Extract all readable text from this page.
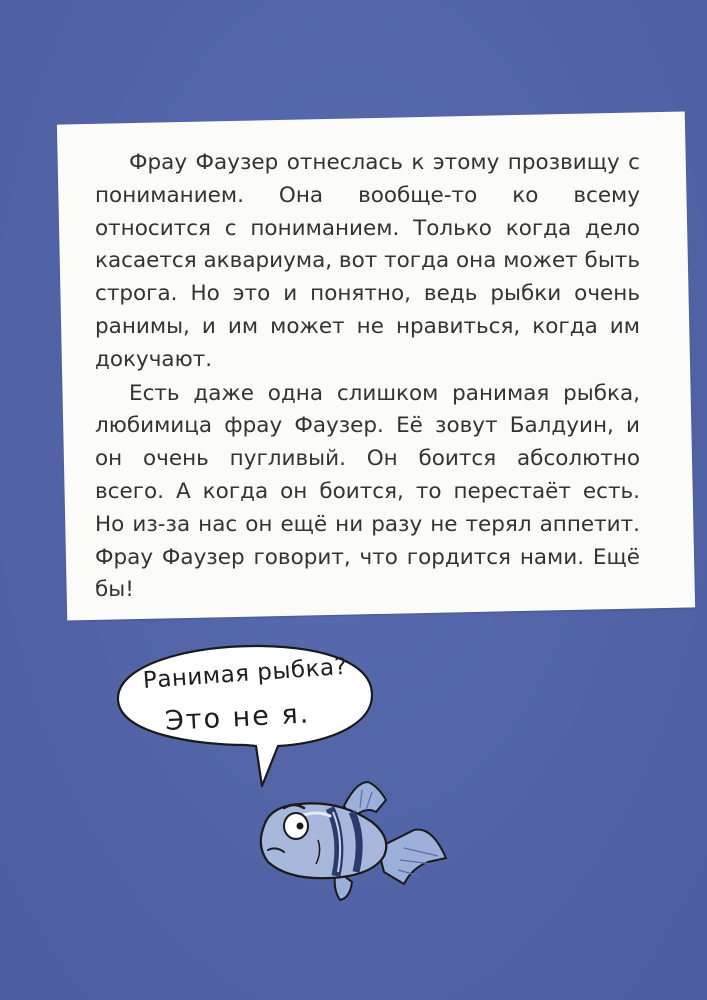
Фрау Фаузер отнеслась к этому прозвищу с пониманием. Она вообще-то ко всему относится с пониманием. Только когда дело касается аквариума, вот тогда она может быть строга. Но это и понятно, ведь рыбки очень ранимы, и им может не нравиться, когда им докучают.

Есть даже одна слишком ранимая рыбка, любимица фрау Фаузер. Её зовут Балдуин, и он очень пугливый. Он боится абсолютно всего. А когда он боится, то перестаёт есть. Но из-за нас он ещё ни разу не терял аппетит. Фрау Фаузер говорит, что гордится нами. Ещё бы!

Ранимая рыбка?
Это не я.
